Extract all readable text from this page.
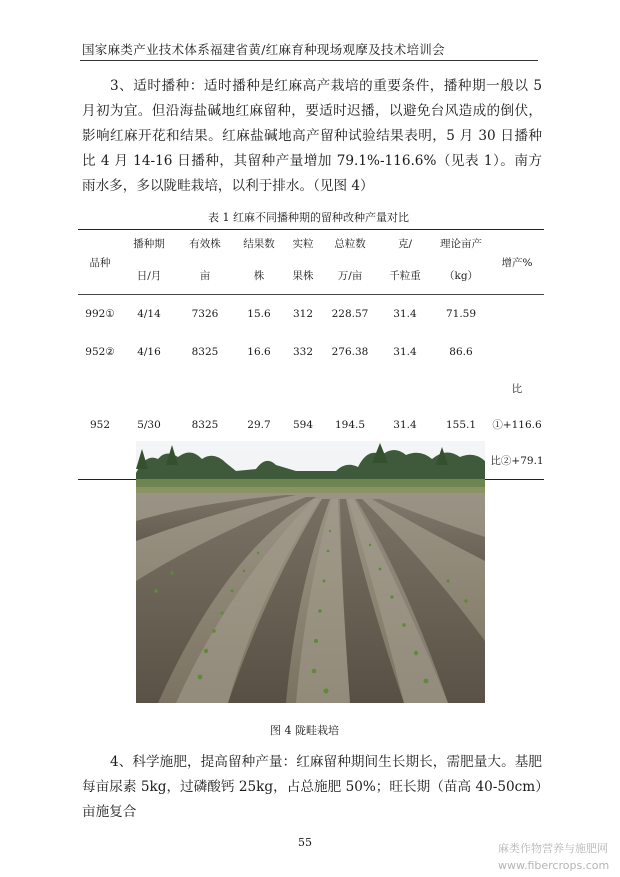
国家麻类产业技术体系福建省黄/红麻育种现场观摩及技术培训会
3、适时播种：适时播种是红麻高产栽培的重要条件，播种期一般以 5 月初为宜。但沿海盐碱地红麻留种，要适时迟播，以避免台风造成的倒伏，影响红麻开花和结果。红麻盐碱地高产留种试验结果表明，5 月 30 日播种比 4 月 14-16 日播种，其留种产量增加 79.1%-116.6%（见表 1）。南方雨水多，多以陇畦栽培，以利于排水。（见图 4）
表 1 红麻不同播种期的留种改种产量对比
品种	播种期	有效株	结果数	实粒	总粒数	克/	理论亩产	增产%
	日/月	亩	株	果株	万/亩	千粒重	（kg）	
992①	4/14	7326	15.6	312	228.57	31.4	71.59	
952②	4/16	8325	16.6	332	276.38	31.4	86.6	
952	5/30	8325	29.7	594	194.5	31.4	155.1	比①+116.6
比②+79.1
图 4 陇畦栽培
4、科学施肥，提高留种产量：红麻留种期间生长期长，需肥量大。基肥每亩尿素 5kg，过磷酸钙 25kg，占总施肥 50%；旺长期（苗高 40-50cm）亩施复合
55	麻类作物营养与施肥网
www.fibercrops.com
